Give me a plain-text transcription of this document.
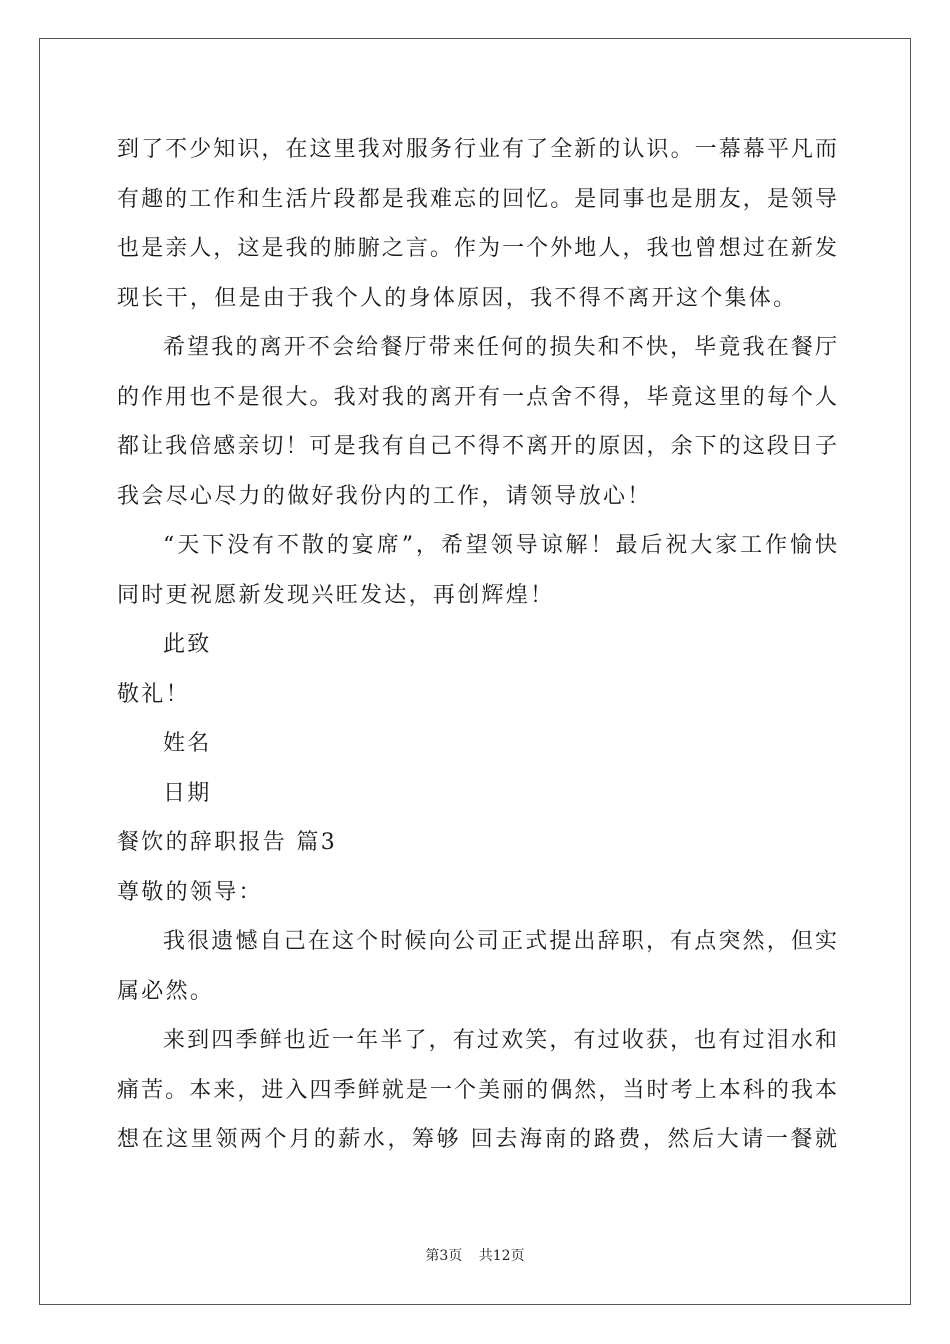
到了不少知识，在这里我对服务行业有了全新的认识。一幕幕平凡而
有趣的工作和生活片段都是我难忘的回忆。是同事也是朋友，是领导
也是亲人，这是我的肺腑之言。作为一个外地人，我也曾想过在新发
现长干，但是由于我个人的身体原因，我不得不离开这个集体。
希望我的离开不会给餐厅带来任何的损失和不快，毕竟我在餐厅
的作用也不是很大。我对我的离开有一点舍不得，毕竟这里的每个人
都让我倍感亲切！可是我有自己不得不离开的原因，余下的这段日子
我会尽心尽力的做好我份内的工作，请领导放心！
“天下没有不散的宴席”，希望领导谅解！最后祝大家工作愉快
同时更祝愿新发现兴旺发达，再创辉煌！
此致
敬礼！
姓名
日期
餐饮的辞职报告 篇3
尊敬的领导：
我很遗憾自己在这个时候向公司正式提出辞职，有点突然，但实
属必然。
来到四季鲜也近一年半了，有过欢笑，有过收获，也有过泪水和
痛苦。本来，进入四季鲜就是一个美丽的偶然，当时考上本科的我本
想在这里领两个月的薪水，筹够 回去海南的路费，然后大请一餐就
第3页 共12页
